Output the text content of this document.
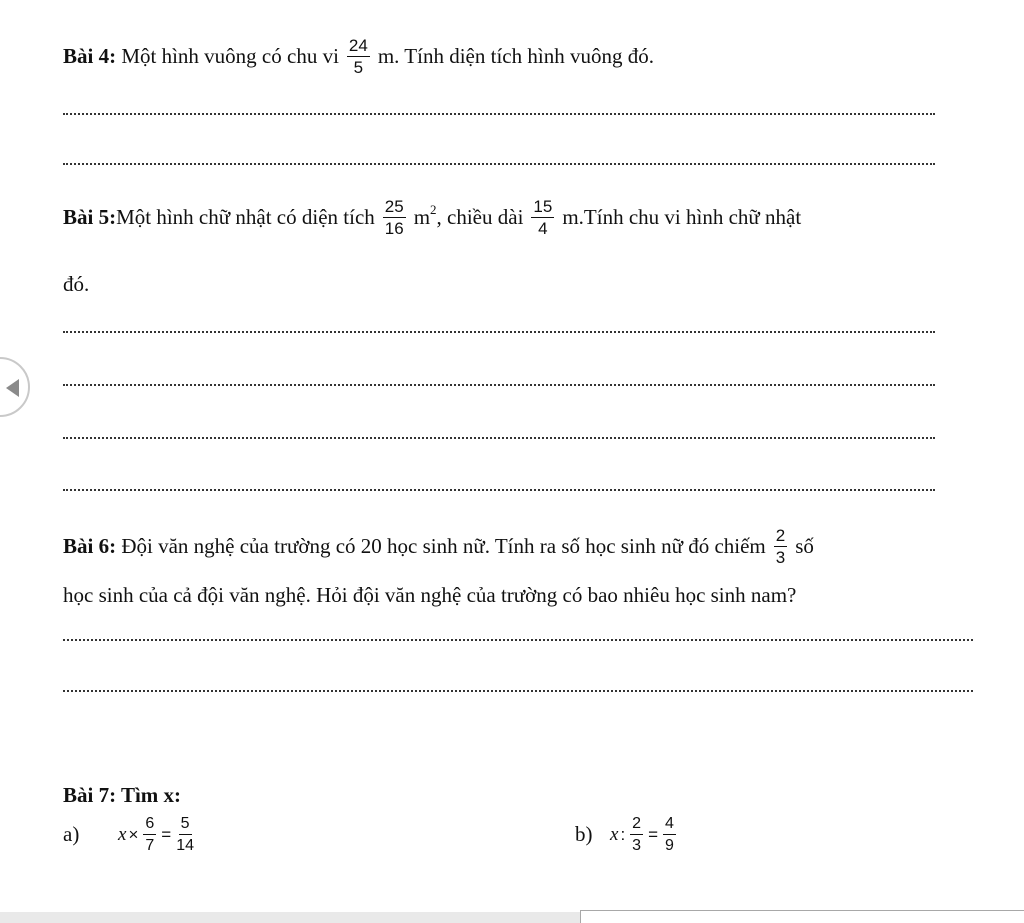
Bài 4:
Một hình vuông có chu vi $\frac{24}{5} m$. Tính diện tích hình vuông đó.
Bài 5: Một hình chữ nhật có diện tích $\frac{25}{16} m^2$ , chiều dài $\frac{15}{4}$ m.Tính chu vi hình chữ nhật
đó.
Bài 6:
Đội văn nghệ của trường có 20 học sinh nữ. Tính ra số học sinh nữ đó chiếm $\frac{2}{3}$ số
học sinh của cả đội văn nghệ. Hỏi đội văn nghệ của trường có bao nhiêu học sinh nam?
Bài 7: Tìm x:
a)	$x \times \frac{6}{7} = \frac{5}{14}$	b) x : $\frac{2}{3} = \frac{4}{9}$
